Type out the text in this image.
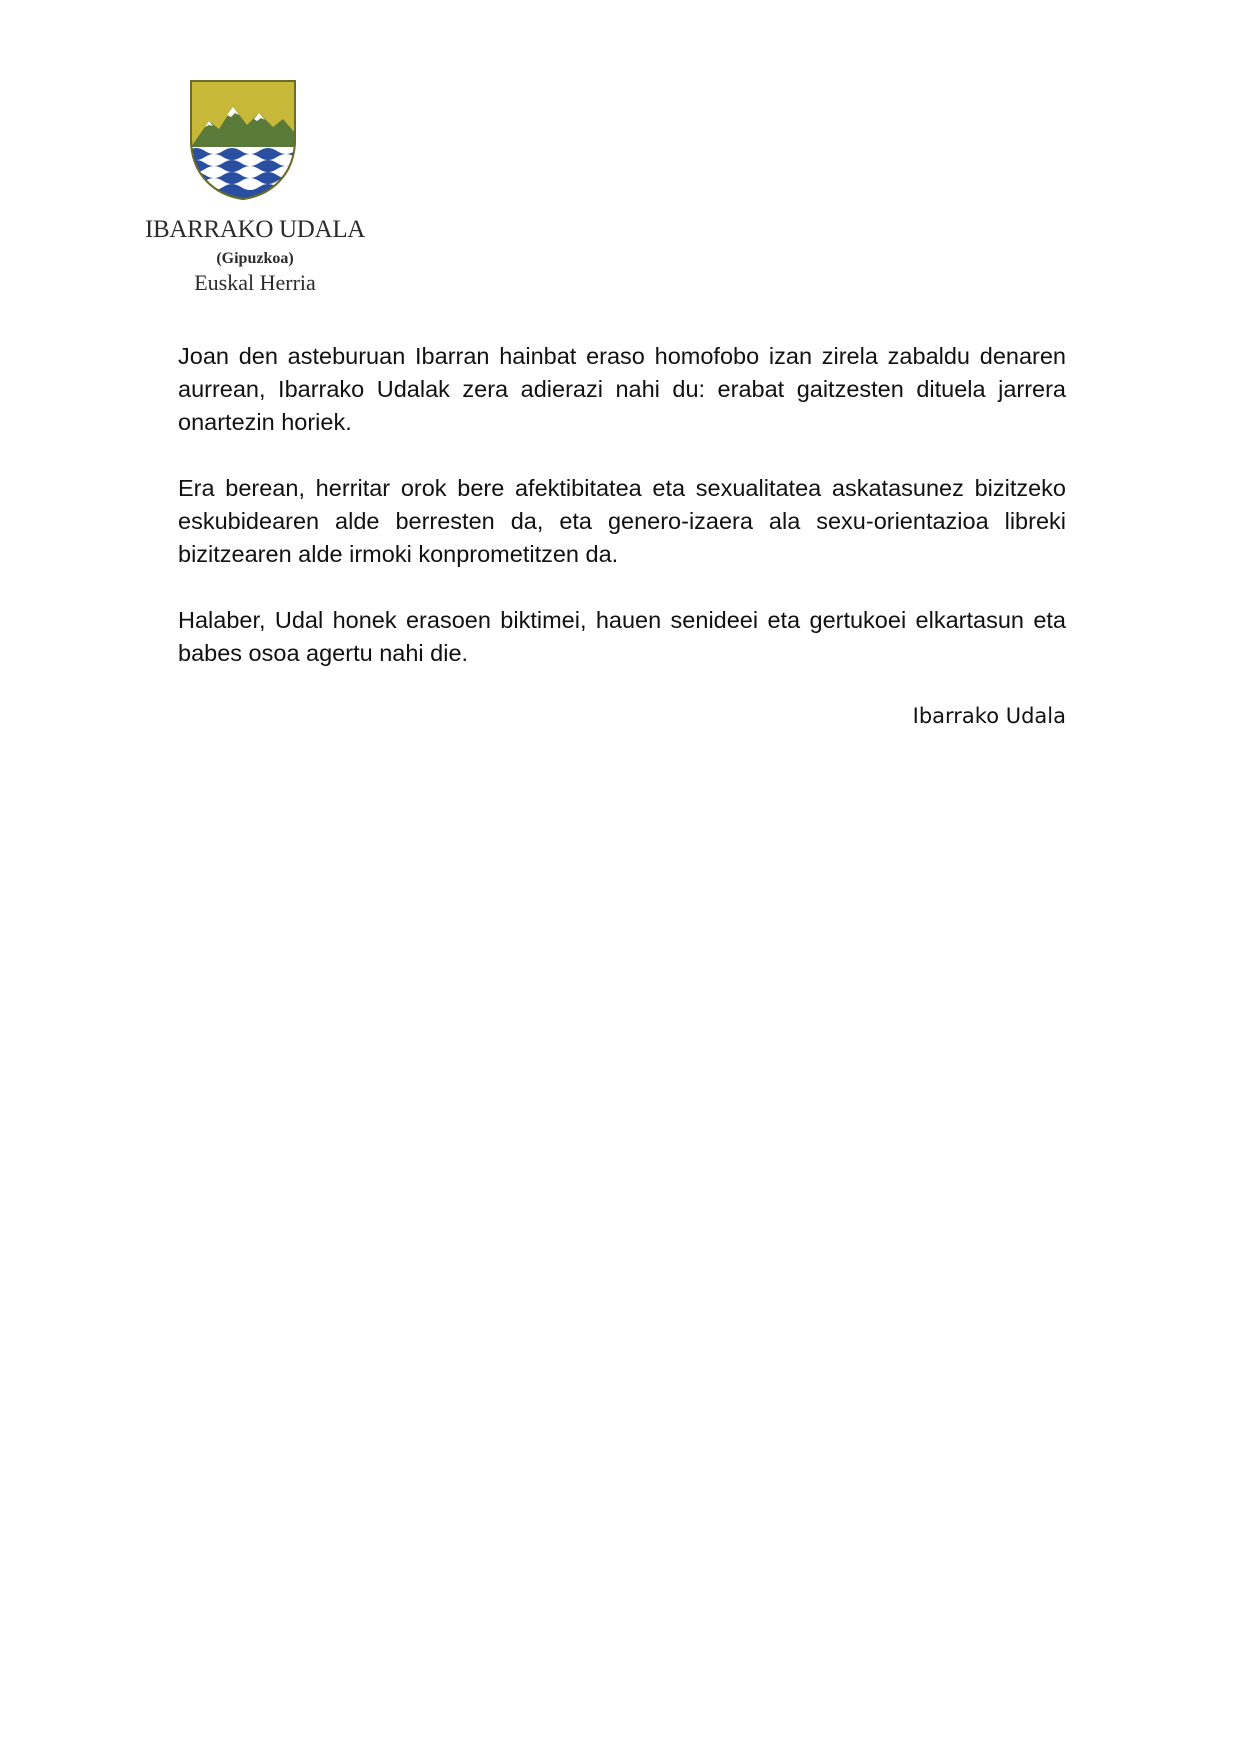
IBARRAKO UDALA
(Gipuzkoa)
Euskal Herria

Joan den asteburuan Ibarran hainbat eraso homofobo izan zirela zabaldu denaren aurrean, Ibarrako Udalak zera adierazi nahi du: erabat gaitzesten dituela jarrera onartezin horiek.

Era berean, herritar orok bere afektibitatea eta sexualitatea askatasunez bizitzeko eskubidearen alde berresten da, eta genero-izaera ala sexu-orientazioa libreki bizitzearen alde irmoki konprometitzen da.

Halaber, Udal honek erasoen biktimei, hauen senideei eta gertukoei elkartasun eta babes osoa agertu nahi die.

Ibarrako Udala
